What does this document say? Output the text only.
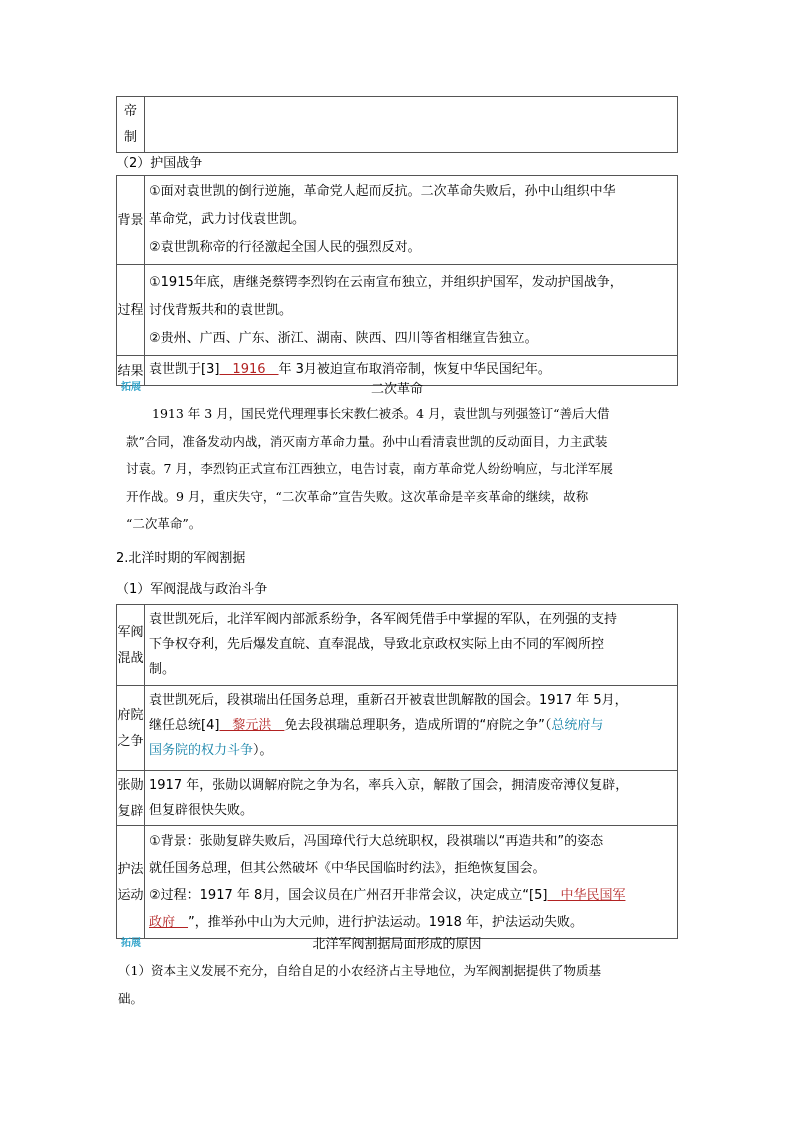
帝
制

（2）护国战争
背景	①面对袁世凯的倒行逆施，革命党人起而反抗。二次革命失败后，孙中山组织中华
革命党，武力讨伐袁世凯。
②袁世凯称帝的行径激起全国人民的强烈反对。

过程	①1915年底，唐继尧蔡锷李烈钧在云南宣布独立，并组织护国军，发动护国战争，
讨伐背叛共和的袁世凯。
②贵州、广西、广东、浙江、湖南、陕西、四川等省相继宣告独立。

结果	袁世凯于[3]　1916　年 3月被迫宣布取消帝制，恢复中华民国纪年。
拓展	二次革命
1913 年 3 月，国民党代理理事长宋教仁被杀。4 月，袁世凯与列强签订“善后大借
款”合同，准备发动内战，消灭南方革命力量。孙中山看清袁世凯的反动面目，力主武装
讨袁。7 月，李烈钧正式宣布江西独立，电告讨袁，南方革命党人纷纷响应，与北洋军展
开作战。9 月，重庆失守，“二次革命”宣告失败。这次革命是辛亥革命的继续，故称
“二次革命”。
2.北洋时期的军阀割据
（1）军阀混战与政治斗争
军阀
混战	袁世凯死后，北洋军阀内部派系纷争，各军阀凭借手中掌握的军队，在列强的支持
下争权夺利，先后爆发直皖、直奉混战，导致北京政权实际上由不同的军阀所控
制。

府院
之争	袁世凯死后，段祺瑞出任国务总理，重新召开被袁世凯解散的国会。1917 年 5月，
继任总统[4]　黎元洪　免去段祺瑞总理职务，造成所谓的“府院之争”（总统府与
国务院的权力斗争）。

张勋
复辟	1917 年，张勋以调解府院之争为名，率兵入京，解散了国会，拥清废帝溥仪复辟，
但复辟很快失败。

护法
运动	①背景：张勋复辟失败后，冯国璋代行大总统职权，段祺瑞以“再造共和”的姿态
就任国务总理，但其公然破坏《中华民国临时约法》，拒绝恢复国会。
②过程：1917 年 8月，国会议员在广州召开非常会议，决定成立“[5]　中华民国军
政府　”，推举孙中山为大元帅，进行护法运动。1918 年，护法运动失败。
拓展	北洋军阀割据局面形成的原因
（1）资本主义发展不充分，自给自足的小农经济占主导地位，为军阀割据提供了物质基
础。
